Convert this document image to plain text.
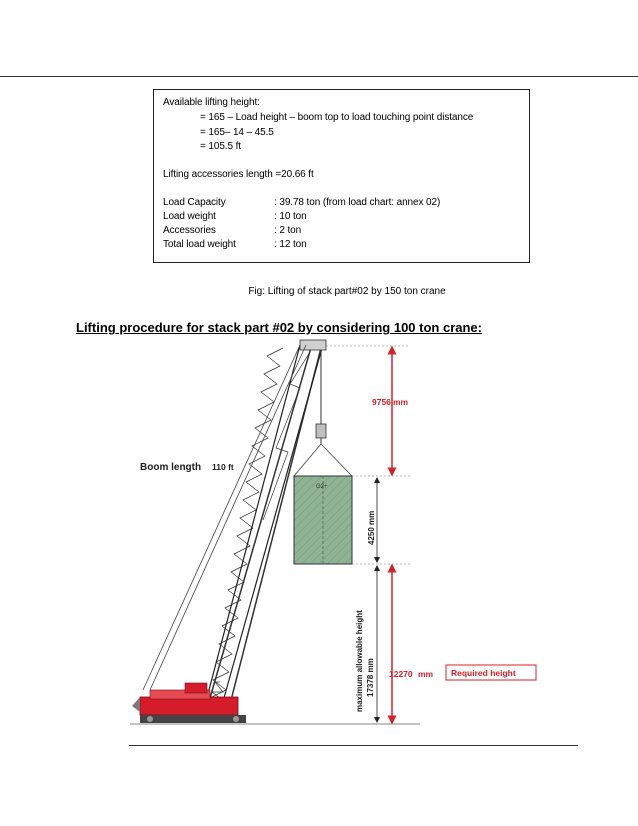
Available lifting height:
= 165 – Load height – boom top to load touching point distance
= 165– 14 – 45.5
= 105.5 ft
Lifting accessories length =20.66 ft
Load Capacity	: 39.78 ton (from load chart: annex 02)
Load weight	: 10 ton
Accessories	: 2 ton
Total load weight	: 12 ton
Fig: Lifting of stack part#02 by 150 ton crane
Lifting procedure for stack part #02 by considering 100 ton crane:
G2+
9756 mm
4250 mm
maximum allowable height 17378 mm 12270 mm Required height
Boom length 110 ft
